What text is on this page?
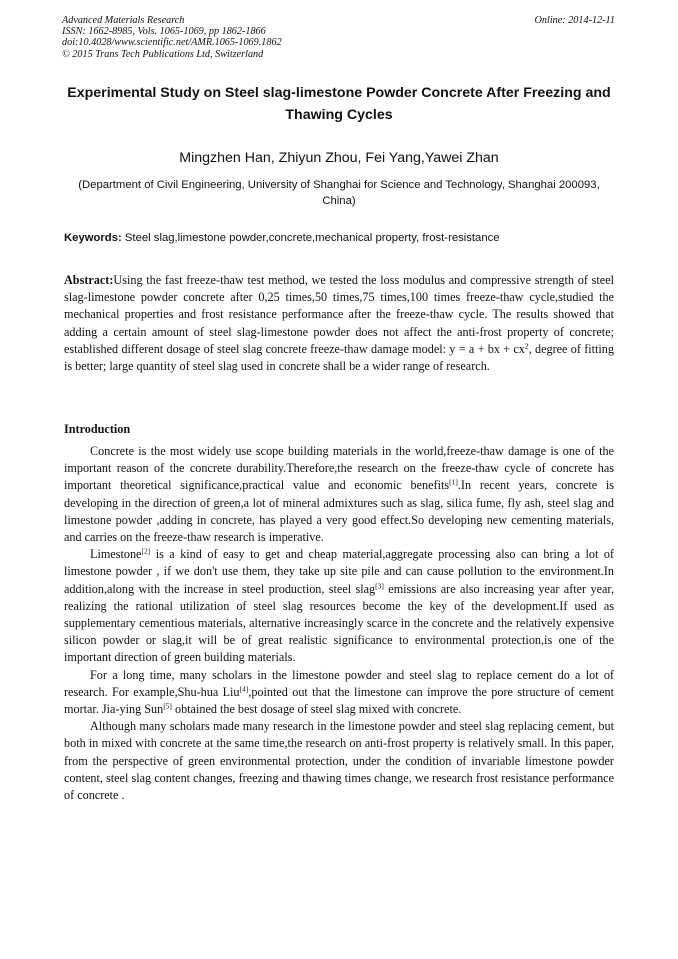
Advanced Materials Research
ISSN: 1662-8985, Vols. 1065-1069, pp 1862-1866
doi:10.4028/www.scientific.net/AMR.1065-1069.1862
© 2015 Trans Tech Publications Ltd, Switzerland
Online: 2014-12-11
Experimental Study on Steel slag-limestone Powder Concrete After Freezing and Thawing Cycles
Mingzhen Han, Zhiyun Zhou, Fei Yang,Yawei Zhan
(Department of Civil Engineering, University of Shanghai for Science and Technology, Shanghai 200093, China)
Keywords: Steel slag,limestone powder,concrete,mechanical property, frost-resistance
Abstract:Using the fast freeze-thaw test method, we tested the loss modulus and compressive strength of steel slag-limestone powder concrete after 0,25 times,50 times,75 times,100 times freeze-thaw cycle,studied the mechanical properties and frost resistance performance after the freeze-thaw cycle. The results showed that adding a certain amount of steel slag-limestone powder does not affect the anti-frost property of concrete; established different dosage of steel slag concrete freeze-thaw damage model: y = a + bx + $cx^2$, degree of fitting is better; large quantity of steel slag used in concrete shall be a wider range of research.
Introduction

Concrete is the most widely use scope building materials in the world,freeze-thaw damage is one of the important reason of the concrete durability.Therefore,the research on the freeze-thaw cycle of concrete has important theoretical significance,practical value and economic benefits[1].In recent years, concrete is developing in the direction of green,a lot of mineral admixtures such as slag, silica fume, fly ash, steel slag and limestone powder ,adding in concrete, has played a very good effect.So developing new cementing materials, and carries on the freeze-thaw research is imperative.

Limestone[2] is a kind of easy to get and cheap material,aggregate processing also can bring a lot of limestone powder , if we don't use them, they take up site pile and can cause pollution to the environment.In addition,along with the increase in steel production, steel slag[3] emissions are also increasing year after year, realizing the rational utilization of steel slag resources become the key of the development.If used as supplementary cementious materials, alternative increasingly scarce in the concrete and the relatively expensive silicon powder or slag,it will be of great realistic significance to environmental protection,is one of the important direction of green building materials.

For a long time, many scholars in the limestone powder and steel slag to replace cement do a lot of research. For example,Shu-hua Liu[4],pointed out that the limestone can improve the pore structure of cement mortar. Jia-ying Sun[5] obtained the best dosage of steel slag mixed with concrete.

Although many scholars made many research in the limestone powder and steel slag replacing cement, but both in mixed with concrete at the same time,the research on anti-frost property is relatively small. In this paper, from the perspective of green environmental protection, under the condition of invariable limestone powder content, steel slag content changes, freezing and thawing times change, we research frost resistance performance of concrete .
